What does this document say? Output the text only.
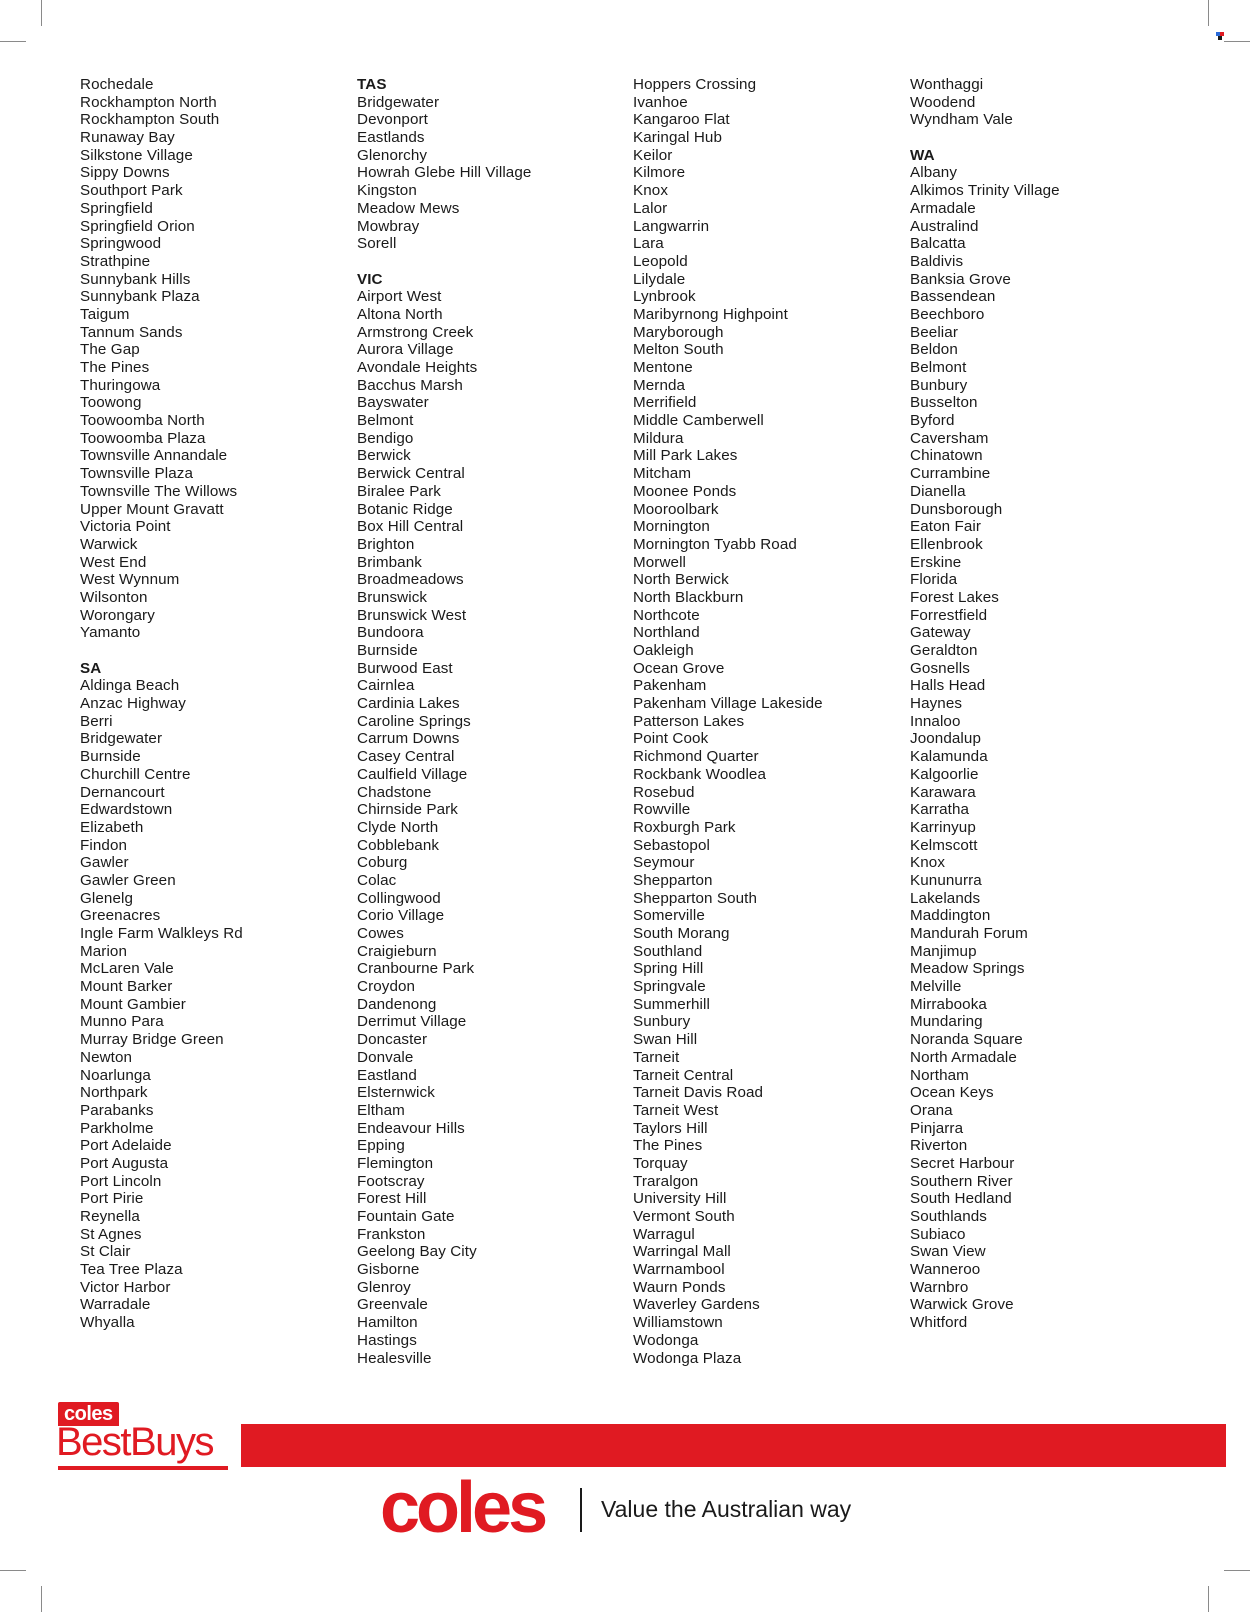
Rochedale
Rockhampton North
Rockhampton South
Runaway Bay
Silkstone Village
Sippy Downs
Southport Park
Springfield
Springfield Orion
Springwood
Strathpine
Sunnybank Hills
Sunnybank Plaza
Taigum
Tannum Sands
The Gap
The Pines
Thuringowa
Toowong
Toowoomba North
Toowoomba Plaza
Townsville Annandale
Townsville Plaza
Townsville The Willows
Upper Mount Gravatt
Victoria Point
Warwick
West End
West Wynnum
Wilsonton
Worongary
Yamanto
SA
Aldinga Beach
Anzac Highway
Berri
Bridgewater
Burnside
Churchill Centre
Dernancourt
Edwardstown
Elizabeth
Findon
Gawler
Gawler Green
Glenelg
Greenacres
Ingle Farm Walkleys Rd
Marion
McLaren Vale
Mount Barker
Mount Gambier
Munno Para
Murray Bridge Green
Newton
Noarlunga
Northpark
Parabanks
Parkholme
Port Adelaide
Port Augusta
Port Lincoln
Port Pirie
Reynella
St Agnes
St Clair
Tea Tree Plaza
Victor Harbor
Warradale
Whyalla
TAS
Bridgewater
Devonport
Eastlands
Glenorchy
Howrah Glebe Hill Village
Kingston
Meadow Mews
Mowbray
Sorell
VIC
Airport West
Altona North
Armstrong Creek
Aurora Village
Avondale Heights
Bacchus Marsh
Bayswater
Belmont
Bendigo
Berwick
Berwick Central
Biralee Park
Botanic Ridge
Box Hill Central
Brighton
Brimbank
Broadmeadows
Brunswick
Brunswick West
Bundoora
Burnside
Burwood East
Cairnlea
Cardinia Lakes
Caroline Springs
Carrum Downs
Casey Central
Caulfield Village
Chadstone
Chirnside Park
Clyde North
Cobblebank
Coburg
Colac
Collingwood
Corio Village
Cowes
Craigieburn
Cranbourne Park
Croydon
Dandenong
Derrimut Village
Doncaster
Donvale
Eastland
Elsternwick
Eltham
Endeavour Hills
Epping
Flemington
Footscray
Forest Hill
Fountain Gate
Frankston
Geelong Bay City
Gisborne
Glenroy
Greenvale
Hamilton
Hastings
Healesville
Hoppers Crossing
Ivanhoe
Kangaroo Flat
Karingal Hub
Keilor
Kilmore
Knox
Lalor
Langwarrin
Lara
Leopold
Lilydale
Lynbrook
Maribyrnong Highpoint
Maryborough
Melton South
Mentone
Mernda
Merrifield
Middle Camberwell
Mildura
Mill Park Lakes
Mitcham
Moonee Ponds
Mooroolbark
Mornington
Mornington Tyabb Road
Morwell
North Berwick
North Blackburn
Northcote
Northland
Oakleigh
Ocean Grove
Pakenham
Pakenham Village Lakeside
Patterson Lakes
Point Cook
Richmond Quarter
Rockbank Woodlea
Rosebud
Rowville
Roxburgh Park
Sebastopol
Seymour
Shepparton
Shepparton South
Somerville
South Morang
Southland
Spring Hill
Springvale
Summerhill
Sunbury
Swan Hill
Tarneit
Tarneit Central
Tarneit Davis Road
Tarneit West
Taylors Hill
The Pines
Torquay
Traralgon
University Hill
Vermont South
Warragul
Warringal Mall
Warrnambool
Waurn Ponds
Waverley Gardens
Williamstown
Wodonga
Wodonga Plaza
Wonthaggi
Woodend
Wyndham Vale
WA
Albany
Alkimos Trinity Village
Armadale
Australind
Balcatta
Baldivis
Banksia Grove
Bassendean
Beechboro
Beeliar
Beldon
Belmont
Bunbury
Busselton
Byford
Caversham
Chinatown
Currambine
Dianella
Dunsborough
Eaton Fair
Ellenbrook
Erskine
Florida
Forest Lakes
Forrestfield
Gateway
Geraldton
Gosnells
Halls Head
Haynes
Innaloo
Joondalup
Kalamunda
Kalgoorlie
Karawara
Karratha
Karrinyup
Kelmscott
Knox
Kununurra
Lakelands
Maddington
Mandurah Forum
Manjimup
Meadow Springs
Melville
Mirrabooka
Mundaring
Noranda Square
North Armadale
Northam
Ocean Keys
Orana
Pinjarra
Riverton
Secret Harbour
Southern River
South Hedland
Southlands
Subiaco
Swan View
Wanneroo
Warnbro
Warwick Grove
Whitford
coles
BestBuys
coles Value the Australian way
